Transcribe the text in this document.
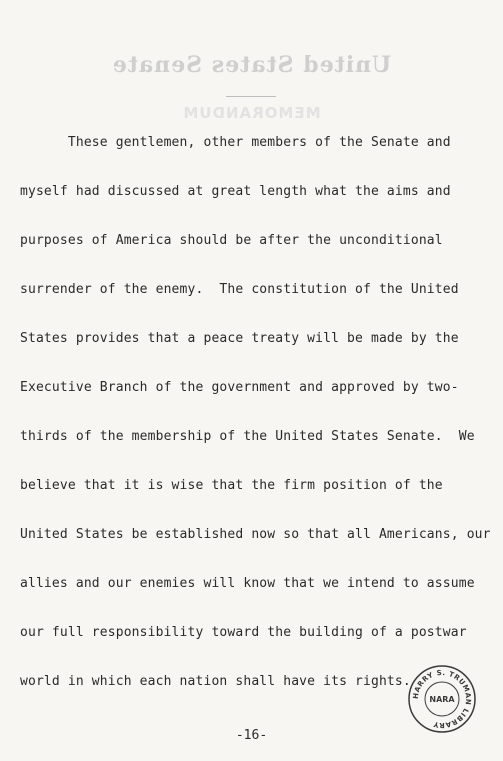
United States Senate
MEMORANDUM
These gentlemen, other members of the Senate and
myself had discussed at great length what the aims and
purposes of America should be after the unconditional
surrender of the enemy.  The constitution of the United
States provides that a peace treaty will be made by the
Executive Branch of the government and approved by two-
thirds of the membership of the United States Senate.  We
believe that it is wise that the firm position of the
United States be established now so that all Americans, our
allies and our enemies will know that we intend to assume
our full responsibility toward the building of a postwar
world in which each nation shall have its rights.
HARRY S. TRUMAN LIBRARY
NARA
-16-
